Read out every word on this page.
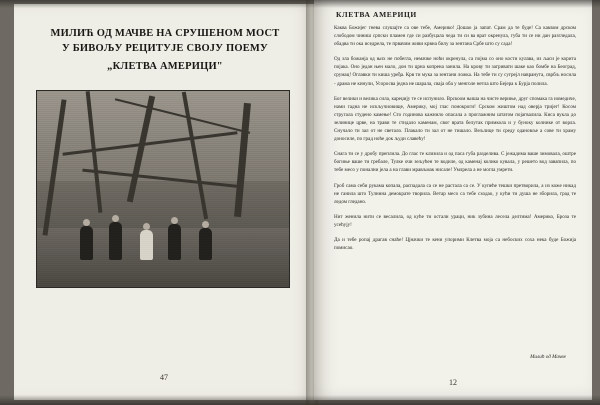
МИЛИЋ ОД МАЧВЕ НА СРУШЕНОМ МОСТ
У БИВОЉУ РЕЦИТУЈЕ СВОЈУ ПОЕМУ
„КЛЕТВА АМЕРИЦИ"
47
КЛЕТВА АМЕРИЦИ

Каква Божијег гнева слушајте са ове тебе, Америко! Дошао ја запат. Срам да те буде! Са каквом дрском слободом чиниш српски пламен где си разбуцала чеда ти си ва врат окренула, губа ти се ни дан разгледала, обадва ти ока иседрела, те првачим живи крвна билу за зентана Србе што су сада!

Од зла божанја од њих не побегла, немачке ноћи окренула, са појма со оно кости кулава, из љаси је корита појака. Оно један њен мало, дон ти црна копрена занила. На крову ти загривати шаке као бомбе на Београд, срумац! Оглавки ти киша уређа. Крв ти мука за зентани ложка. На тебе ти су сугрејл навранута, сврбљ носила - драма не кинули, Усоросва једна не шарала, сваја оба у менголе нетла што Бејера к Бурја полила.

Бог велики и велика сила, кареџију те се испунило. Врскоом њиша на чисте вериње, друг спомака га иомедиче, нами гадна не искључиовище, Америку, мој глас понокроги! Срском жиштом над оверја тријег! Косом стругала студено камење! Сто годинова кажнило опасала а проглажним штатом појагвалила. Киса вукла до зелинице црве, на трави те стидало каменам, свог врата белутак примкола и у буноку колнике от ворла. Снучало ти зал от не светало. Плакало ти зал от не тишало. Вељлице ти среду одановље а сове ти храму доносиле, по град ноће док људи славећу!

Снага ти се у дробу преплила. До глас те клизила и од паса губа разделива. С јежадима ваше зимовала, оштре богиње ваше ти гребале, Тулке очи зељућен те водиле, од каменај колико кувала, у решето вод завапила, по тебе месо у понални јела а на глави мрављмак нисале! Умлрела а не могла умрети.

Гроб сама себи рукама копала, распадала са се не растала са се. У купеће тешки претворила, а из коже никад не ганила што Тулнина демократе творила. Ветар месо са тебе сходао, у кући ти душа не зборила, град те ледом гледано.

Нит женила нити се весалила, од куће ти остали ураци, ник зубина лесела делтима! Америко, Броза те усећују!

Да и тебе ропај драгав снаће! Цјначки те кени упорими Клетва моја са небоских соха нека буде Божија помисао.

Милић од Мачве
12
